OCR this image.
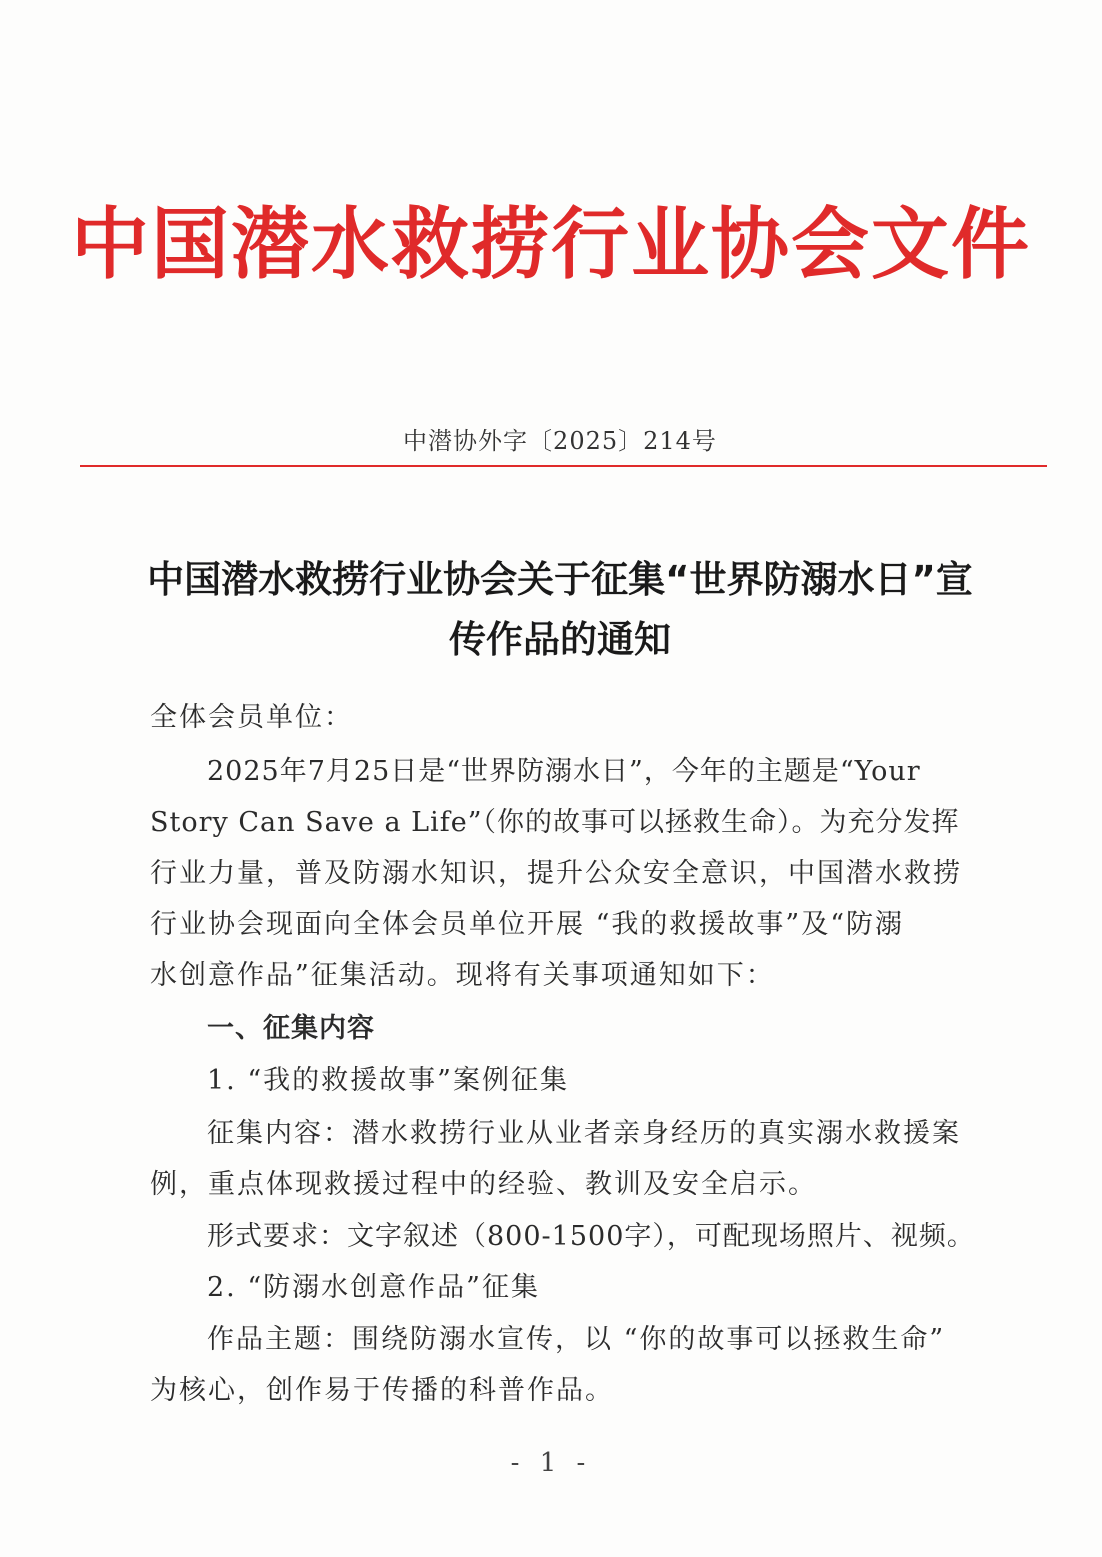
中国潜水救捞行业协会文件
中潜协外字〔2025〕214号
中国潜水救捞行业协会关于征集“世界防溺水日”宣
传作品的通知
全体会员单位：
2025年7月25日是“世界防溺水日”，今年的主题是“Your
Story Can Save a Life”（你的故事可以拯救生命）。为充分发挥
行业力量，普及防溺水知识，提升公众安全意识，中国潜水救捞
行业协会现面向全体会员单位开展 “我的救援故事”及“防溺
水创意作品”征集活动。现将有关事项通知如下：
一、征集内容
1. “我的救援故事”案例征集
征集内容：潜水救捞行业从业者亲身经历的真实溺水救援案
例，重点体现救援过程中的经验、教训及安全启示。
形式要求：文字叙述（800-1500字），可配现场照片、视频。
2. “防溺水创意作品”征集
作品主题：围绕防溺水宣传，以 “你的故事可以拯救生命”
为核心，创作易于传播的科普作品。
- 1 -
